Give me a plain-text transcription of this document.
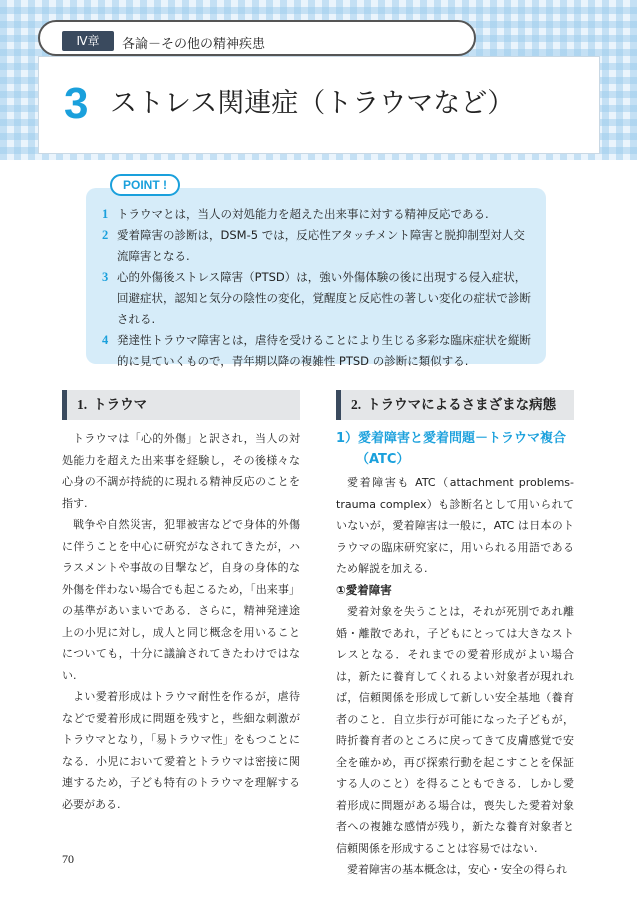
Ⅳ章	各論－その他の精神疾患
3 ストレス関連症（トラウマなど）
POINT !
1 トラウマとは，当人の対処能力を超えた出来事に対する精神反応である.
2 愛着障害の診断は，DSM-5 では，反応性アタッチメント障害と脱抑制型対人交流障害となる.
3 心的外傷後ストレス障害（PTSD）は，強い外傷体験の後に出現する侵入症状，回避症状，認知と気分の陰性の変化，覚醒度と反応性の著しい変化の症状で診断される.
4 発達性トラウマ障害とは，虐待を受けることにより生じる多彩な臨床症状を縦断的に見ていくもので，青年期以降の複雑性 PTSD の診断に類似する.
1. トラウマ

トラウマは「心的外傷」と訳され，当人の対処能力を超えた出来事を経験し，その後様々な心身の不調が持続的に現れる精神反応のことを指す.

戦争や自然災害，犯罪被害などで身体的外傷に伴うことを中心に研究がなされてきたが，ハラスメントや事故の目撃など，自身の身体的な外傷を伴わない場合でも起こるため，「出来事」の基準があいまいである．さらに，精神発達途上の小児に対し，成人と同じ概念を用いることについても，十分に議論されてきたわけではない.

よい愛着形成はトラウマ耐性を作るが，虐待などで愛着形成に問題を残すと，些細な刺激がトラウマとなり，「易トラウマ性」をもつことになる．小児において愛着とトラウマは密接に関連するため，子ども特有のトラウマを理解する必要がある.

2. トラウマによるさまざまな病態
1）愛着障害と愛着問題－トラウマ複合
（ATC）

愛着障害も ATC（attachment problems-trauma complex）も診断名として用いられていないが，愛着障害は一般に，ATC は日本のトラウマの臨床研究家に，用いられる用語であるため解説を加える.

①愛着障害

愛着対象を失うことは，それが死別であれ離婚・離散であれ，子どもにとっては大きなストレスとなる．それまでの愛着形成がよい場合は，新たに養育してくれるよい対象者が現れれば，信頼関係を形成して新しい安全基地（養育者のこと．自立歩行が可能になった子どもが，時折養育者のところに戻ってきて皮膚感覚で安全を確かめ，再び探索行動を起こすことを保証する人のこと）を得ることもできる．しかし愛着形成に問題がある場合は，喪失した愛着対象者への複雑な感情が残り，新たな養育対象者と信頼関係を形成することは容易ではない.

愛着障害の基本概念は，安心・安全の得られ

70
